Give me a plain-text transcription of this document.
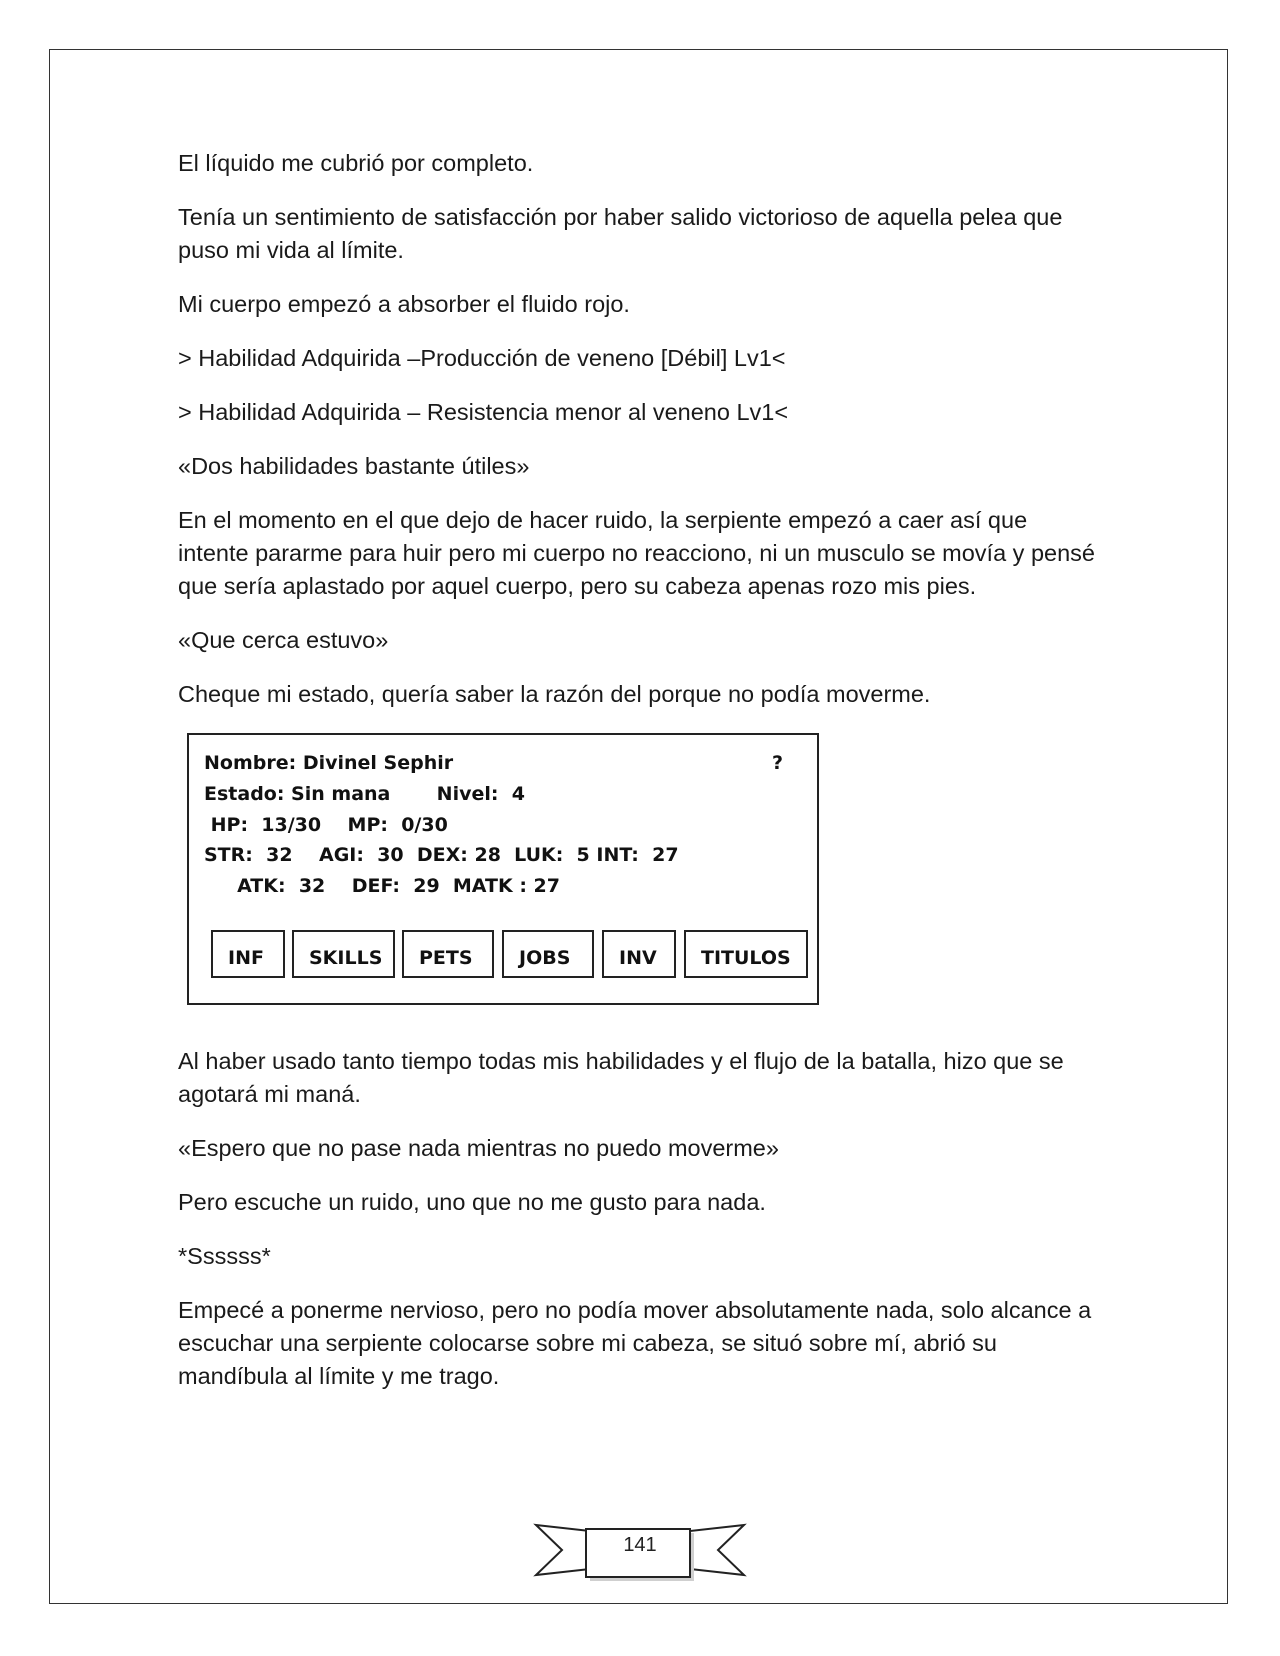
El líquido me cubrió por completo.

Tenía un sentimiento de satisfacción por haber salido victorioso de aquella pelea que puso mi vida al límite.

Mi cuerpo empezó a absorber el fluido rojo.

> Habilidad Adquirida –Producción de veneno [Débil] Lv1<

> Habilidad Adquirida – Resistencia menor al veneno Lv1<

«Dos habilidades bastante útiles»

En el momento en el que dejo de hacer ruido, la serpiente empezó a caer así que intente pararme para huir pero mi cuerpo no reacciono, ni un musculo se movía y pensé que sería aplastado por aquel cuerpo, pero su cabeza apenas rozo mis pies.

«Que cerca estuvo»

Cheque mi estado, quería saber la razón del porque no podía moverme.

Nombre: Divinel Sephir	?
Estado: Sin mana       Nivel:  4
HP:  13/30    MP:  0/30
STR:  32    AGI:  30  DEX: 28  LUK:  5 INT:  27
ATK:  32    DEF:  29  MATK : 27
INF	SKILLS	PETS	JOBS	INV	TITULOS

Al haber usado tanto tiempo todas mis habilidades y el flujo de la batalla, hizo que se agotará mi maná.

«Espero que no pase nada mientras no puedo moverme»

Pero escuche un ruido, uno que no me gusto para nada.

*Ssssss*

Empecé a ponerme nervioso, pero no podía mover absolutamente nada, solo alcance a escuchar una serpiente colocarse sobre mi cabeza, se situó sobre mí, abrió su mandíbula al límite y me trago.

141
